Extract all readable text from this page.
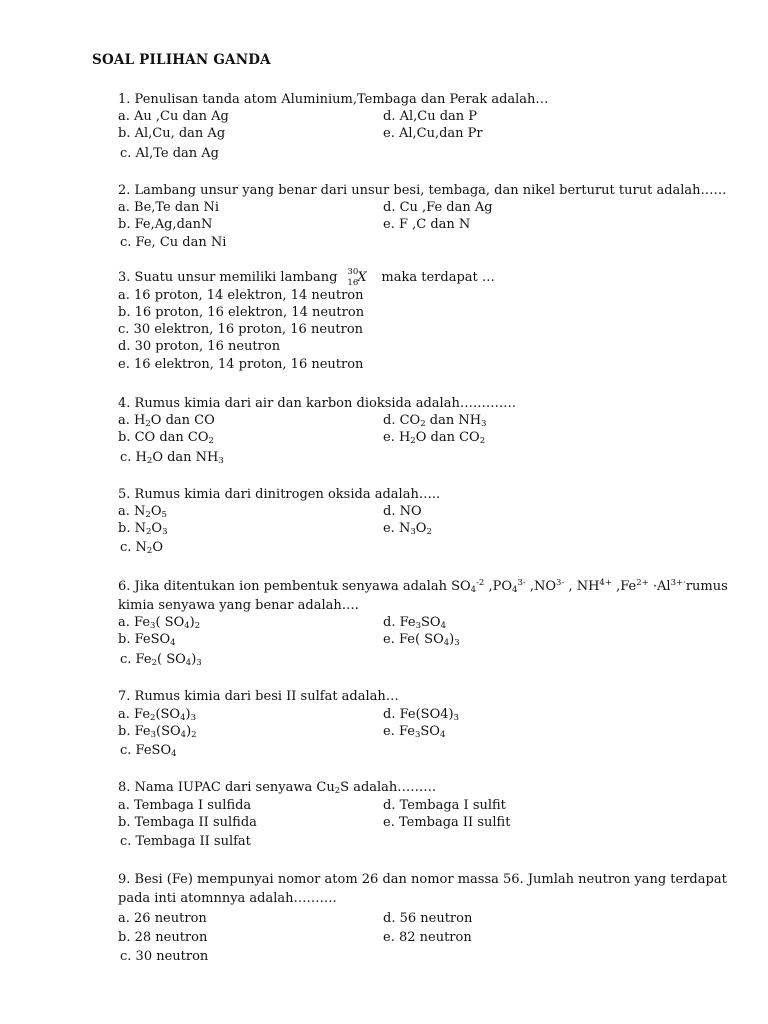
SOAL PILIHAN GANDA
1. Penulisan tanda atom Aluminium,Tembaga dan Perak adalah…
a. Au ,Cu dan Ag	d. Al,Cu dan P
b. Al,Cu, dan Ag	e. Al,Cu,dan Pr
c. Al,Te dan Ag
2. Lambang unsur yang benar dari unsur besi, tembaga, dan nikel berturut turut adalah……
a. Be,Te dan Ni	d. Cu ,Fe dan Ag
b. Fe,Ag,danN	e. F ,C dan N
c. Fe, Cu dan Ni
3. Suatu unsur memiliki lambang 30
16 X maka terdapat …
a. 16 proton, 14 elektron, 14 neutron
b. 16 proton, 16 elektron, 14 neutron
c. 30 elektron, 16 proton, 16 neutron
d. 30 proton, 16 neutron
e. 16 elektron, 14 proton, 16 neutron
4. Rumus kimia dari air dan karbon dioksida adalah………….
a. $H_2O$ dan CO	d. $CO_2$ dan $NH_3$
b. CO dan $CO_2$	e. $H_2O$ dan $CO_2$
c. $H_2O$ dan $NH_3$
5. Rumus kimia dari dinitrogen oksida adalah…..
a. $N_2O_5$	d. NO
b. $N_2O_3$	e. $N_3O_2$
c. $N_2O$
6. Jika ditentukan ion pembentuk senyawa adalah $SO_4^{-2}$ $,PO_4^{3-}$ $,NO^{3-}$ , $NH^{4+}$ $,Fe^{2+}$ $\cdot Al^{3+\cdot}rumus$
kimia senyawa yang benar adalah….
a. $Fe_3$( $SO_4)_2$	d. $Fe_3SO_4$
b. FeSO$_4$	e. Fe( $SO_4)_3$
c. $Fe_2$( $SO_4)_3$
7. Rumus kimia dari besi II sulfat adalah…
a. $Fe_2(SO_4)_3$	d. $Fe(SO4)_3$
b. $Fe_3(SO_4)_2$	e. $Fe_3SO_4$
c. FeSO$_4$
8. Nama IUPAC dari senyawa $Cu_2S$ adalah………
a. Tembaga I sulfida	d. Tembaga I sulfit
b. Tembaga II sulfida	e. Tembaga II sulfit
c. Tembaga II sulfat
9. Besi (Fe) mempunyai nomor atom 26 dan nomor massa 56. Jumlah neutron yang terdapat
pada inti atomnnya adalah……….
a. 26 neutron	d. 56 neutron
b. 28 neutron	e. 82 neutron
c. 30 neutron
